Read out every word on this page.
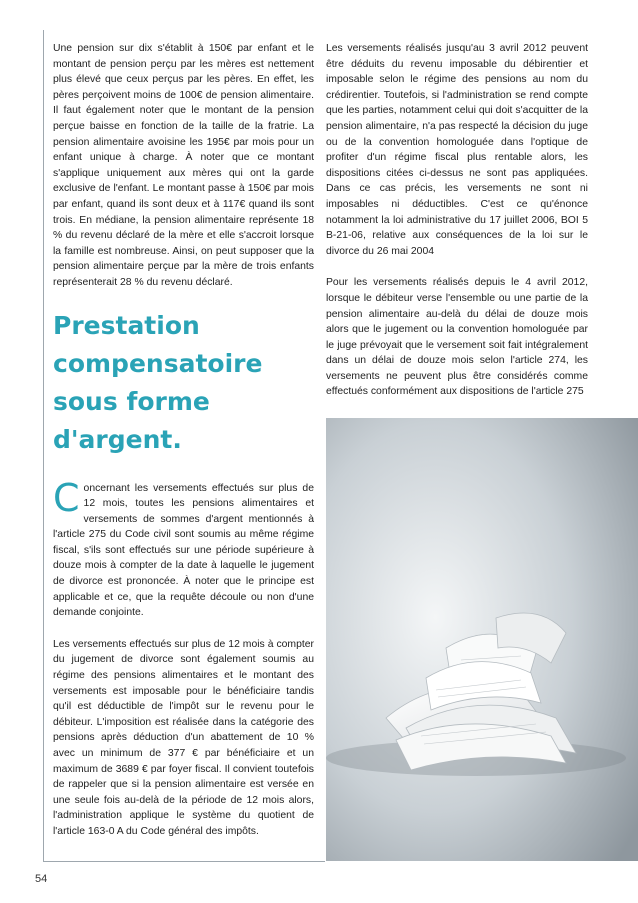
Une pension sur dix s'établit à 150€ par enfant et le montant de pension perçu par les mères est nettement plus élevé que ceux perçus par les pères. En effet, les pères perçoivent moins de 100€ de pension alimentaire. Il faut également noter que le montant de la pension perçue baisse en fonction de la taille de la fratrie. La pension alimentaire avoisine les 195€ par mois pour un enfant unique à charge. À noter que ce montant s'applique uniquement aux mères qui ont la garde exclusive de l'enfant. Le montant passe à 150€ par mois par enfant, quand ils sont deux et à 117€ quand ils sont trois. En médiane, la pension alimentaire représente 18 % du revenu déclaré de la mère et elle s'accroit lorsque la famille est nombreuse. Ainsi, on peut supposer que la pension alimentaire perçue par la mère de trois enfants représenterait 28 % du revenu déclaré.

Prestation compensatoire sous forme d'argent.

Concernant les versements effectués sur plus de 12 mois, toutes les pensions alimentaires et versements de sommes d'argent mentionnés à l'article 275 du Code civil sont soumis au même régime fiscal, s'ils sont effectués sur une période supérieure à douze mois à compter de la date à laquelle le jugement de divorce est prononcée. À noter que le principe est applicable et ce, que la requête découle ou non d'une demande conjointe.

Les versements effectués sur plus de 12 mois à compter du jugement de divorce sont également soumis au régime des pensions alimentaires et le montant des versements est imposable pour le bénéficiaire tandis qu'il est déductible de l'impôt sur le revenu pour le débiteur. L'imposition est réalisée dans la catégorie des pensions après déduction d'un abattement de 10 % avec un minimum de 377 € par bénéficiaire et un maximum de 3689 € par foyer fiscal. Il convient toutefois de rappeler que si la pension alimentaire est versée en une seule fois au-delà de la période de 12 mois alors, l'administration applique le système du quotient de l'article 163-0 A du Code général des impôts.

Les versements réalisés jusqu'au 3 avril 2012 peuvent être déduits du revenu imposable du débirentier et imposable selon le régime des pensions au nom du crédirentier. Toutefois, si l'administration se rend compte que les parties, notamment celui qui doit s'acquitter de la pension alimentaire, n'a pas respecté la décision du juge ou de la convention homologuée dans l'optique de profiter d'un régime fiscal plus rentable alors, les dispositions citées ci-dessus ne sont pas appliquées. Dans ce cas précis, les versements ne sont ni imposables ni déductibles. C'est ce qu'énonce notamment la loi administrative du 17 juillet 2006, BOI 5 B-21-06, relative aux conséquences de la loi sur le divorce du 26 mai 2004

Pour les versements réalisés depuis le 4 avril 2012, lorsque le débiteur verse l'ensemble ou une partie de la pension alimentaire au-delà du délai de douze mois alors que le jugement ou la convention homologuée par le juge prévoyait que le versement soit fait intégralement dans un délai de douze mois selon l'article 274, les versements ne peuvent plus être considérés comme effectués conformément aux dispositions de l'article 275

54
